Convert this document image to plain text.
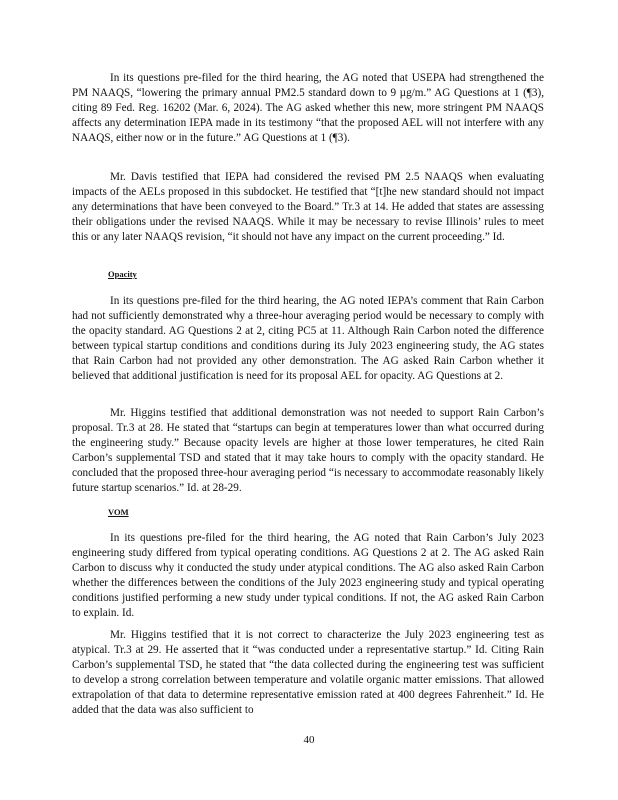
In its questions pre-filed for the third hearing, the AG noted that USEPA had strengthened the PM NAAQS, “lowering the primary annual PM2.5 standard down to 9 µg/m.” AG Questions at 1 (¶3), citing 89 Fed. Reg. 16202 (Mar. 6, 2024). The AG asked whether this new, more stringent PM NAAQS affects any determination IEPA made in its testimony “that the proposed AEL will not interfere with any NAAQS, either now or in the future.” AG Questions at 1 (¶3).

Mr. Davis testified that IEPA had considered the revised PM 2.5 NAAQS when evaluating impacts of the AELs proposed in this subdocket. He testified that “[t]he new standard should not impact any determinations that have been conveyed to the Board.” Tr.3 at 14. He added that states are assessing their obligations under the revised NAAQS. While it may be necessary to revise Illinois’ rules to meet this or any later NAAQS revision, “it should not have any impact on the current proceeding.” Id.

Opacity

In its questions pre-filed for the third hearing, the AG noted IEPA’s comment that Rain Carbon had not sufficiently demonstrated why a three-hour averaging period would be necessary to comply with the opacity standard. AG Questions 2 at 2, citing PC5 at 11. Although Rain Carbon noted the difference between typical startup conditions and conditions during its July 2023 engineering study, the AG states that Rain Carbon had not provided any other demonstration. The AG asked Rain Carbon whether it believed that additional justification is need for its proposal AEL for opacity. AG Questions at 2.

Mr. Higgins testified that additional demonstration was not needed to support Rain Carbon’s proposal. Tr.3 at 28. He stated that “startups can begin at temperatures lower than what occurred during the engineering study.” Because opacity levels are higher at those lower temperatures, he cited Rain Carbon’s supplemental TSD and stated that it may take hours to comply with the opacity standard. He concluded that the proposed three-hour averaging period “is necessary to accommodate reasonably likely future startup scenarios.” Id. at 28-29.

VOM

In its questions pre-filed for the third hearing, the AG noted that Rain Carbon’s July 2023 engineering study differed from typical operating conditions. AG Questions 2 at 2. The AG asked Rain Carbon to discuss why it conducted the study under atypical conditions. The AG also asked Rain Carbon whether the differences between the conditions of the July 2023 engineering study and typical operating conditions justified performing a new study under typical conditions. If not, the AG asked Rain Carbon to explain. Id.

Mr. Higgins testified that it is not correct to characterize the July 2023 engineering test as atypical. Tr.3 at 29. He asserted that it “was conducted under a representative startup.” Id. Citing Rain Carbon’s supplemental TSD, he stated that “the data collected during the engineering test was sufficient to develop a strong correlation between temperature and volatile organic matter emissions. That allowed extrapolation of that data to determine representative emission rated at 400 degrees Fahrenheit.” Id. He added that the data was also sufficient to

40
